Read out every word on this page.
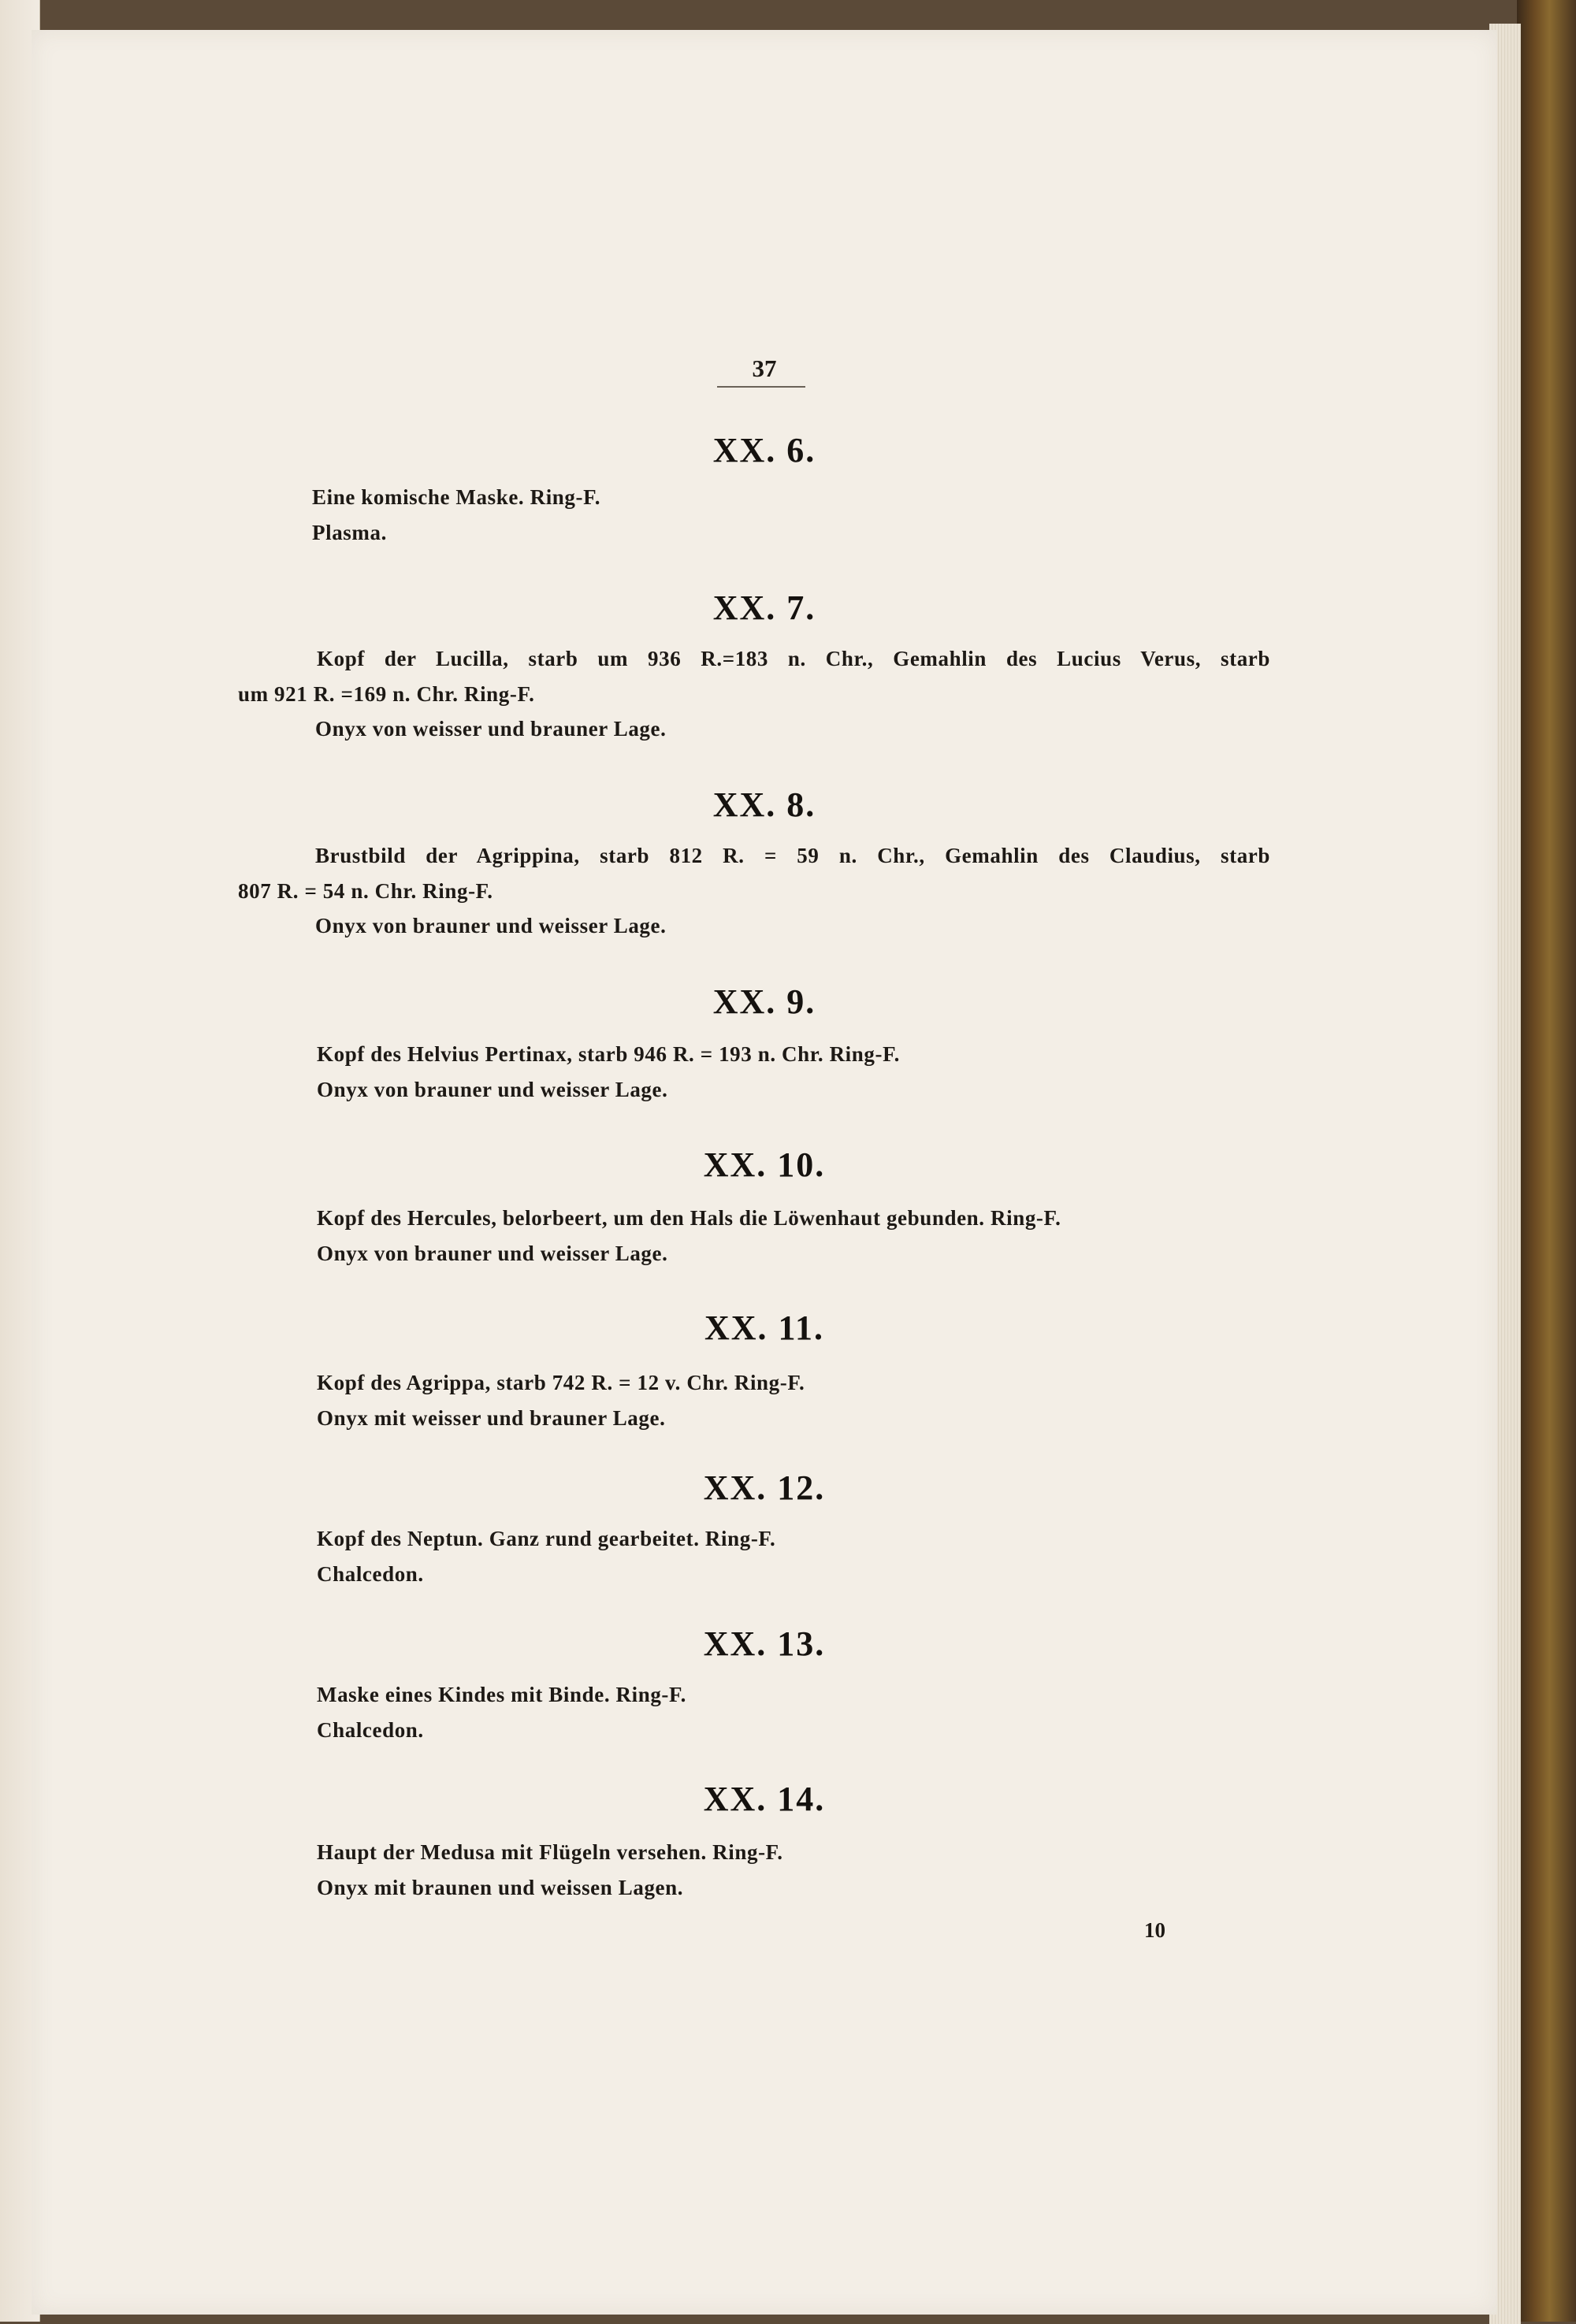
37
XX. 6.
Eine komische Maske. Ring-F.
Plasma.
XX. 7.
Kopf der Lucilla, starb um 936 R.=183 n. Chr., Gemahlin des Lucius Verus, starb
um 921 R. =169 n. Chr. Ring-F.
Onyx von weisser und brauner Lage.
XX. 8.
Brustbild der Agrippina, starb 812 R. = 59 n. Chr., Gemahlin des Claudius, starb
807 R. = 54 n. Chr. Ring-F.
Onyx von brauner und weisser Lage.
XX. 9.
Kopf des Helvius Pertinax, starb 946 R. = 193 n. Chr. Ring-F.
Onyx von brauner und weisser Lage.
XX. 10.
Kopf des Hercules, belorbeert, um den Hals die Löwenhaut gebunden. Ring-F.
Onyx von brauner und weisser Lage.
XX. 11.
Kopf des Agrippa, starb 742 R. = 12 v. Chr. Ring-F.
Onyx mit weisser und brauner Lage.
XX. 12.
Kopf des Neptun. Ganz rund gearbeitet. Ring-F.
Chalcedon.
XX. 13.
Maske eines Kindes mit Binde. Ring-F.
Chalcedon.
XX. 14.
Haupt der Medusa mit Flügeln versehen. Ring-F.
Onyx mit braunen und weissen Lagen.
10
